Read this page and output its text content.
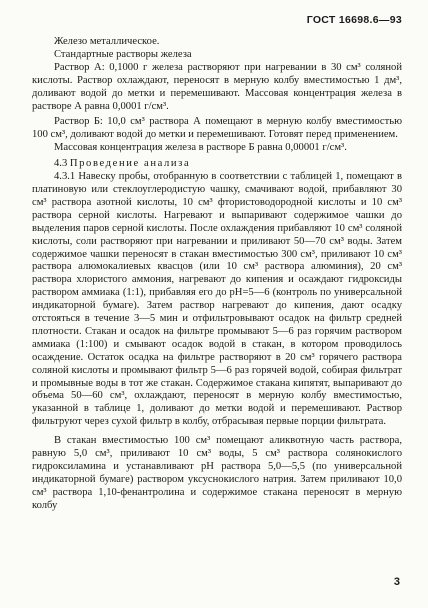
ГОСТ 16698.6—93

Железо металлическое.

Стандартные растворы железа

Раствор А: 0,1000 г железа растворяют при нагревании в 30 см³ соляной кислоты. Раствор охлаждают, переносят в мерную колбу вместимостью 1 дм³, доливают водой до метки и перемешивают. Массовая концентрация железа в растворе А равна 0,0001 г/см³.

Раствор Б: 10,0 см³ раствора А помещают в мерную колбу вместимостью 100 см³, доливают водой до метки и перемешивают. Готовят перед применением.

Массовая концентрация железа в растворе Б равна 0,00001 г/см³.

4.3 Проведение анализа

4.3.1 Навеску пробы, отобранную в соответствии с таблицей 1, помещают в платиновую или стеклоуглеродистую чашку, смачивают водой, прибавляют 30 см³ раствора азотной кислоты, 10 см³ фтористоводородной кислоты и 10 см³ раствора серной кислоты. Нагревают и выпаривают содержимое чашки до выделения паров серной кислоты. После охлаждения прибавляют 10 см³ соляной кислоты, соли растворяют при нагревании и приливают 50—70 см³ воды. Затем содержимое чашки переносят в стакан вместимостью 300 см³, приливают 10 см³ раствора алюмокалиевых квасцов (или 10 см³ раствора алюминия), 20 см³ раствора хлористого аммония, нагревают до кипения и осаждают гидроксиды раствором аммиака (1:1), прибавляя его до рН=5—6 (контроль по универсальной индикаторной бумаге). Затем раствор нагревают до кипения, дают осадку отстояться в течение 3—5 мин и отфильтровывают осадок на фильтр средней плотности. Стакан и осадок на фильтре промывают 5—6 раз горячим раствором аммиака (1:100) и смывают осадок водой в стакан, в котором проводилось осаждение. Остаток осадка на фильтре растворяют в 20 см³ горячего раствора соляной кислоты и промывают фильтр 5—6 раз горячей водой, собирая фильтрат и промывные воды в тот же стакан. Содержимое стакана кипятят, выпаривают до объема 50—60 см³, охлаждают, переносят в мерную колбу вместимостью, указанной в таблице 1, доливают до метки водой и перемешивают. Раствор фильтруют через сухой фильтр в колбу, отбрасывая первые порции фильтрата.

В стакан вместимостью 100 см³ помещают аликвотную часть раствора, равную 5,0 см³, приливают 10 см³ воды, 5 см³ раствора солянокислого гидроксиламина и устанавливают рН раствора 5,0—5,5 (по универсальной индикаторной бумаге) раствором уксуснокислого натрия. Затем приливают 10,0 см³ раствора 1,10-фенантролина и содержимое стакана переносят в мерную колбу

3
